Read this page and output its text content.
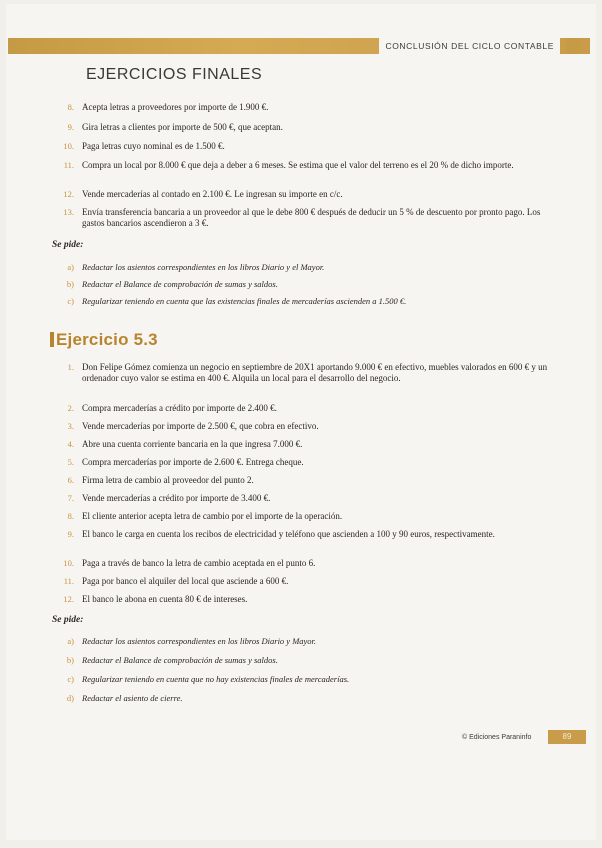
CONCLUSIÓN DEL CICLO CONTABLE
EJERCICIOS FINALES
8. Acepta letras a proveedores por importe de 1.900 €.
9. Gira letras a clientes por importe de 500 €, que aceptan.
10. Paga letras cuyo nominal es de 1.500 €.
11. Compra un local por 8.000 € que deja a deber a 6 meses. Se estima que el valor del terreno es el 20 % de dicho importe.
12. Vende mercaderías al contado en 2.100 €. Le ingresan su importe en c/c.
13. Envía transferencia bancaria a un proveedor al que le debe 800 € después de deducir un 5 % de descuento por pronto pago. Los gastos bancarios ascendieron a 3 €.
Se pide:
a) Redactar los asientos correspondientes en los libros Diario y el Mayor.
b) Redactar el Balance de comprobación de sumas y saldos.
c) Regularizar teniendo en cuenta que las existencias finales de mercaderías ascienden a 1.500 €.
Ejercicio 5.3
1. Don Felipe Gómez comienza un negocio en septiembre de 20X1 aportando 9.000 € en efectivo, muebles valorados en 600 € y un ordenador cuyo valor se estima en 400 €. Alquila un local para el desarrollo del negocio.
2. Compra mercaderías a crédito por importe de 2.400 €.
3. Vende mercaderías por importe de 2.500 €, que cobra en efectivo.
4. Abre una cuenta corriente bancaria en la que ingresa 7.000 €.
5. Compra mercaderías por importe de 2.600 €. Entrega cheque.
6. Firma letra de cambio al proveedor del punto 2.
7. Vende mercaderías a crédito por importe de 3.400 €.
8. El cliente anterior acepta letra de cambio por el importe de la operación.
9. El banco le carga en cuenta los recibos de electricidad y teléfono que ascienden a 100 y 90 euros, respectivamente.
10. Paga a través de banco la letra de cambio aceptada en el punto 6.
11. Paga por banco el alquiler del local que asciende a 600 €.
12. El banco le abona en cuenta 80 € de intereses.
Se pide:
a) Redactar los asientos correspondientes en los libros Diario y Mayor.
b) Redactar el Balance de comprobación de sumas y saldos.
c) Regularizar teniendo en cuenta que no hay existencias finales de mercaderías.
d) Redactar el asiento de cierre.
© Ediciones Paraninfo	89
